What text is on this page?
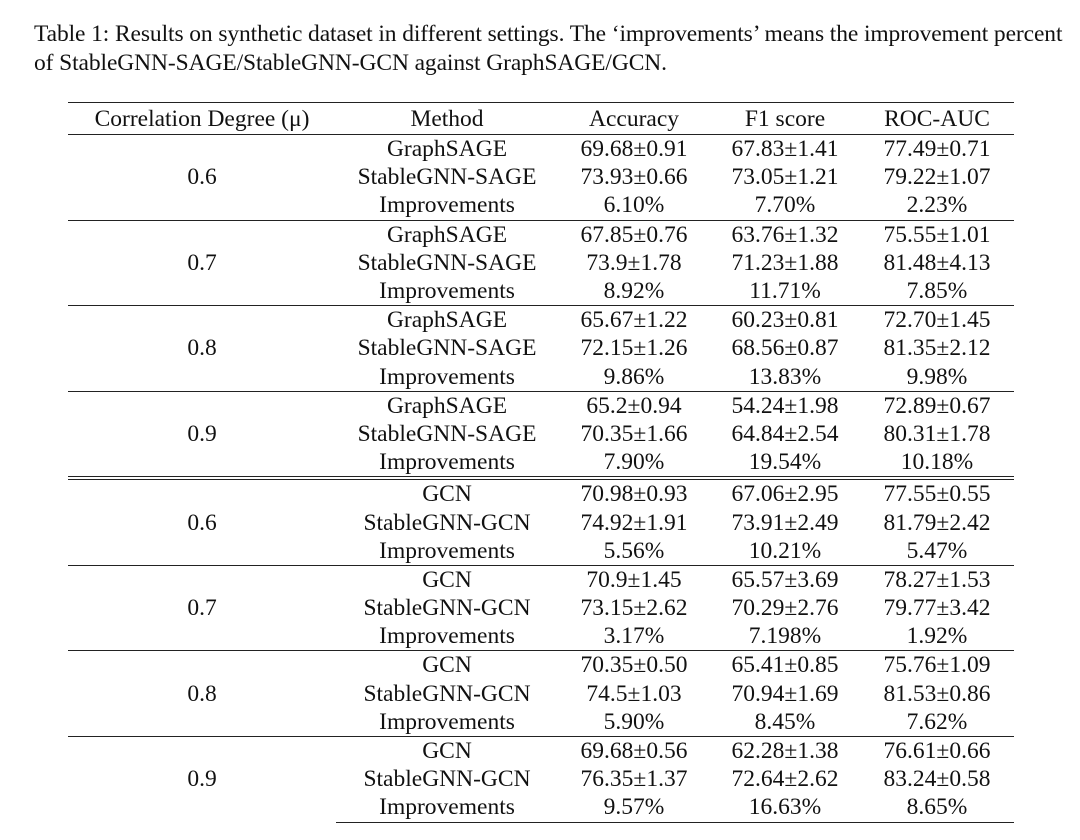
Table 1: Results on synthetic dataset in different settings. The ‘improvements’ means the improvement percent of StableGNN-SAGE/StableGNN-GCN against GraphSAGE/GCN.
Correlation Degree (μ)	Method	Accuracy	F1 score	ROC-AUC
0.6	GraphSAGE	69.68±0.91	67.83±1.41	77.49±0.71
	StableGNN-SAGE	73.93±0.66	73.05±1.21	79.22±1.07
	Improvements	6.10%	7.70%	2.23%
0.7	GraphSAGE	67.85±0.76	63.76±1.32	75.55±1.01
	StableGNN-SAGE	73.9±1.78	71.23±1.88	81.48±4.13
	Improvements	8.92%	11.71%	7.85%
0.8	GraphSAGE	65.67±1.22	60.23±0.81	72.70±1.45
	StableGNN-SAGE	72.15±1.26	68.56±0.87	81.35±2.12
	Improvements	9.86%	13.83%	9.98%
0.9	GraphSAGE	65.2±0.94	54.24±1.98	72.89±0.67
	StableGNN-SAGE	70.35±1.66	64.84±2.54	80.31±1.78
	Improvements	7.90%	19.54%	10.18%
0.6	GCN	70.98±0.93	67.06±2.95	77.55±0.55
	StableGNN-GCN	74.92±1.91	73.91±2.49	81.79±2.42
	Improvements	5.56%	10.21%	5.47%
0.7	GCN	70.9±1.45	65.57±3.69	78.27±1.53
	StableGNN-GCN	73.15±2.62	70.29±2.76	79.77±3.42
	Improvements	3.17%	7.198%	1.92%
0.8	GCN	70.35±0.50	65.41±0.85	75.76±1.09
	StableGNN-GCN	74.5±1.03	70.94±1.69	81.53±0.86
	Improvements	5.90%	8.45%	7.62%
0.9	GCN	69.68±0.56	62.28±1.38	76.61±0.66
	StableGNN-GCN	76.35±1.37	72.64±2.62	83.24±0.58
	Improvements	9.57%	16.63%	8.65%
